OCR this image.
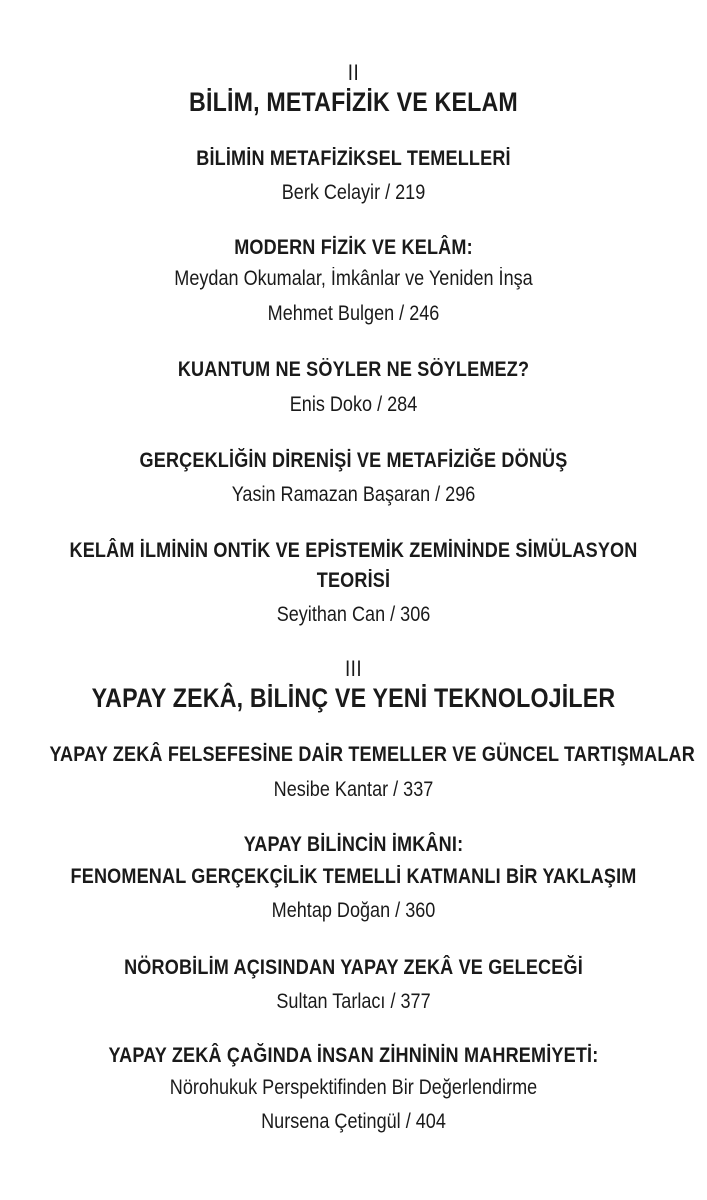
II
BİLİM, METAFİZİK VE KELAM
BİLİMİN METAFİZİKSEL TEMELLERİ
Berk Celayir / 219
MODERN FİZİK VE KELÂM:
Meydan Okumalar, İmkânlar ve Yeniden İnşa
Mehmet Bulgen / 246
KUANTUM NE SÖYLER NE SÖYLEMEZ?
Enis Doko / 284
GERÇEKLİĞİN DİRENİŞİ VE METAFİZİĞE DÖNÜŞ
Yasin Ramazan Başaran / 296
KELÂM İLMİNİN ONTİK VE EPİSTEMİK ZEMİNİNDE SİMÜLASYON
TEORİSİ
Seyithan Can / 306
III
YAPAY ZEKÂ, BİLİNÇ VE YENİ TEKNOLOJİLER
YAPAY ZEKÂ FELSEFESİNE DAİR TEMELLER VE GÜNCEL TARTIŞMALAR
Nesibe Kantar / 337
YAPAY BİLİNCİN İMKÂNI:
FENOMENAL GERÇEKÇİLİK TEMELLİ KATMANLI BİR YAKLAŞIM
Mehtap Doğan / 360
NÖROBİLİM AÇISINDAN YAPAY ZEKÂ VE GELECEĞİ
Sultan Tarlacı / 377
YAPAY ZEKÂ ÇAĞINDA İNSAN ZİHNİNİN MAHREMİYETİ:
Nörohukuk Perspektifinden Bir Değerlendirme
Nursena Çetingül / 404
